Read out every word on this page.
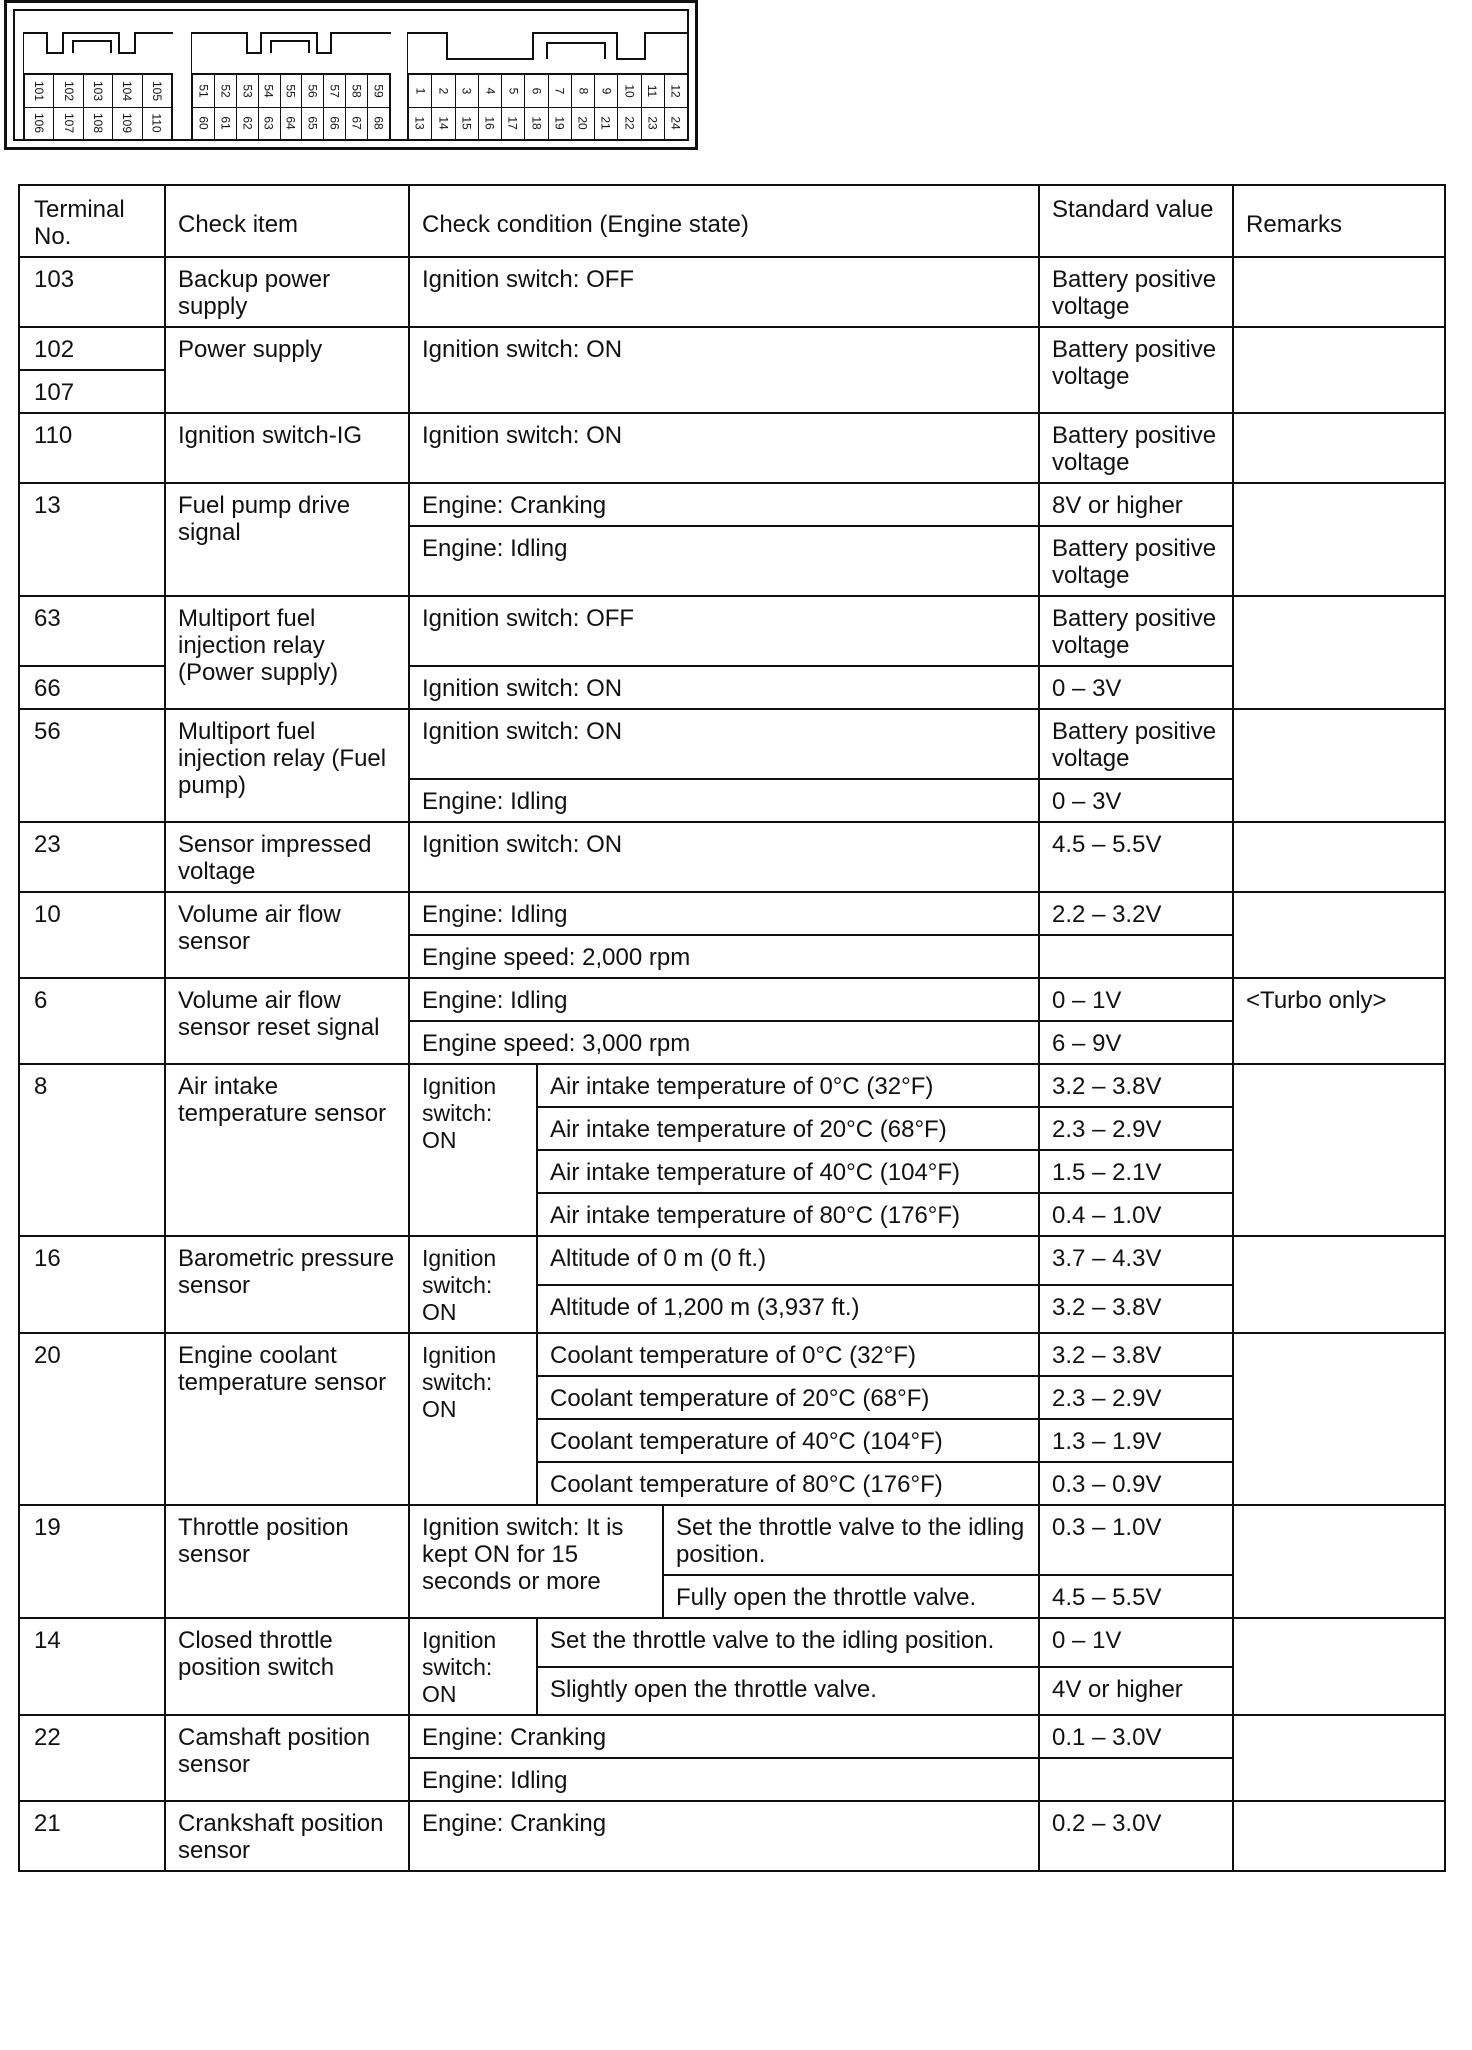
101
106
102
107
103
108
104
109
105
110
51
60
52
61
53
62
54
63
55
64
56
65
57
66
58
67
59
68
1
13
2
14
3
15
4
16
5
17
6
18
7
19
8
20
9
21
10
22
11
23
12
24
Terminal No.	Check item	Check condition (Engine state)			Standard value	Remarks
103	Backup power supply	Ignition switch: OFF			Battery positive voltage	
102	Power supply	Ignition switch: ON			Battery positive voltage	
107						
110	Ignition switch-IG	Ignition switch: ON			Battery positive voltage	
13	Fuel pump drive signal	Engine: Cranking			8V or higher	
		Engine: Idling			Battery positive voltage	
63	Multiport fuel injection relay (Power supply)	Ignition switch: OFF			Battery positive voltage	
66		Ignition switch: ON			0 – 3V	
56	Multiport fuel injection relay (Fuel pump)	Ignition switch: ON			Battery positive voltage	
		Engine: Idling			0 – 3V	
23	Sensor impressed voltage	Ignition switch: ON			4.5 – 5.5V	
10	Volume air flow sensor	Engine: Idling			2.2 – 3.2V	
		Engine speed: 2,000 rpm				
6	Volume air flow sensor reset signal	Engine: Idling			0 – 1V	<Turbo only>
		Engine speed: 3,000 rpm			6 – 9V	
8	Air intake temperature sensor	Ignition switch: ON	Air intake temperature of 0°C (32°F)		3.2 – 3.8V	
			Air intake temperature of 20°C (68°F)		2.3 – 2.9V	
			Air intake temperature of 40°C (104°F)		1.5 – 2.1V	
			Air intake temperature of 80°C (176°F)		0.4 – 1.0V	
16	Barometric pressure sensor	Ignition switch: ON	Altitude of 0 m (0 ft.)		3.7 – 4.3V	
			Altitude of 1,200 m (3,937 ft.)		3.2 – 3.8V	
20	Engine coolant temperature sensor	Ignition switch: ON	Coolant temperature of 0°C (32°F)		3.2 – 3.8V	
			Coolant temperature of 20°C (68°F)		2.3 – 2.9V	
			Coolant temperature of 40°C (104°F)		1.3 – 1.9V	
			Coolant temperature of 80°C (176°F)		0.3 – 0.9V	
19	Throttle position sensor	Ignition switch: It is kept ON for 15 seconds or more		Set the throttle valve to the idling position.	0.3 – 1.0V	
				Fully open the throttle valve.	4.5 – 5.5V	
14	Closed throttle position switch	Ignition switch: ON	Set the throttle valve to the idling position.		0 – 1V	
			Slightly open the throttle valve.		4V or higher	
22	Camshaft position sensor	Engine: Cranking			0.1 – 3.0V	
		Engine: Idling				
21	Crankshaft position sensor	Engine: Cranking			0.2 – 3.0V	
